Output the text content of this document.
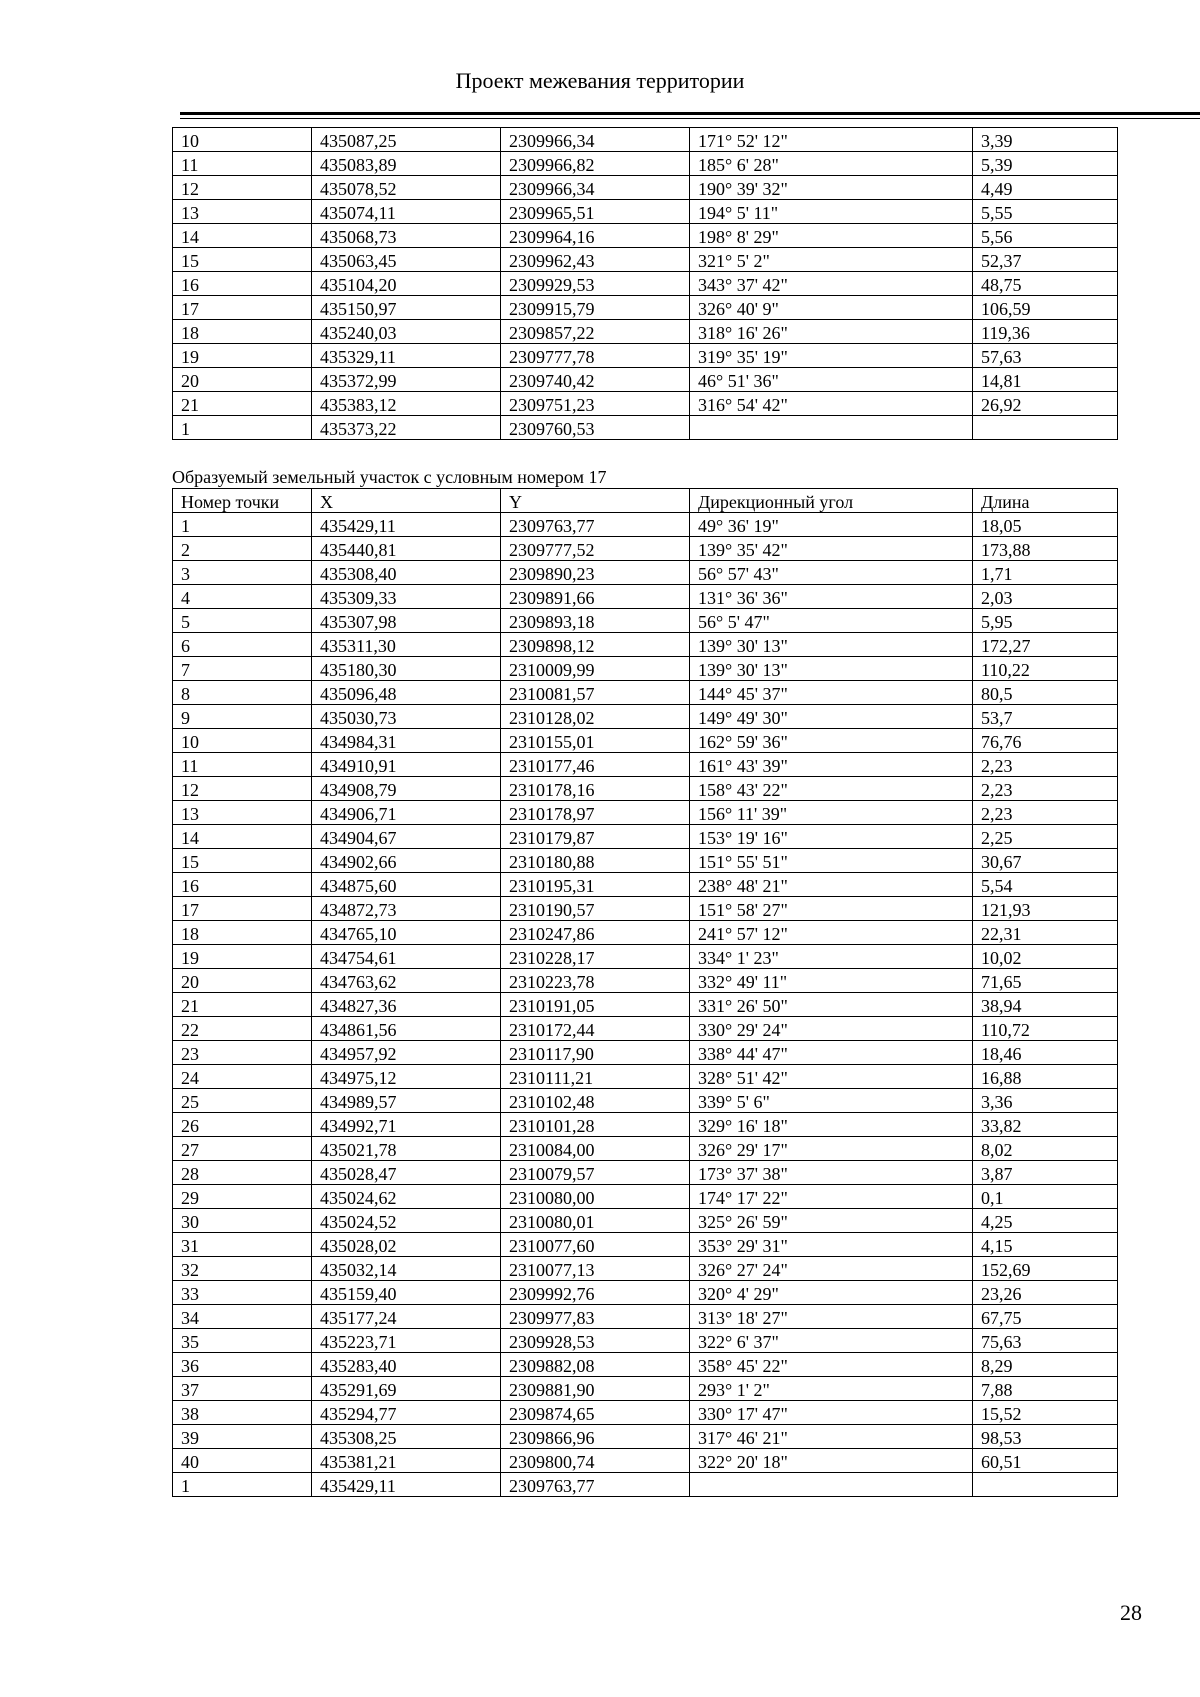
Проект межевания территории
10	435087,25	2309966,34	171° 52' 12"	3,39
11	435083,89	2309966,82	185° 6' 28"	5,39
12	435078,52	2309966,34	190° 39' 32"	4,49
13	435074,11	2309965,51	194° 5' 11"	5,55
14	435068,73	2309964,16	198° 8' 29"	5,56
15	435063,45	2309962,43	321° 5' 2"	52,37
16	435104,20	2309929,53	343° 37' 42"	48,75
17	435150,97	2309915,79	326° 40' 9"	106,59
18	435240,03	2309857,22	318° 16' 26"	119,36
19	435329,11	2309777,78	319° 35' 19"	57,63
20	435372,99	2309740,42	46° 51' 36"	14,81
21	435383,12	2309751,23	316° 54' 42"	26,92
1	435373,22	2309760,53		
Образуемый земельный участок с условным номером 17
Номер точки	X	Y	Дирекционный угол	Длина
1	435429,11	2309763,77	49° 36' 19"	18,05
2	435440,81	2309777,52	139° 35' 42"	173,88
3	435308,40	2309890,23	56° 57' 43"	1,71
4	435309,33	2309891,66	131° 36' 36"	2,03
5	435307,98	2309893,18	56° 5' 47"	5,95
6	435311,30	2309898,12	139° 30' 13"	172,27
7	435180,30	2310009,99	139° 30' 13"	110,22
8	435096,48	2310081,57	144° 45' 37"	80,5
9	435030,73	2310128,02	149° 49' 30"	53,7
10	434984,31	2310155,01	162° 59' 36"	76,76
11	434910,91	2310177,46	161° 43' 39"	2,23
12	434908,79	2310178,16	158° 43' 22"	2,23
13	434906,71	2310178,97	156° 11' 39"	2,23
14	434904,67	2310179,87	153° 19' 16"	2,25
15	434902,66	2310180,88	151° 55' 51"	30,67
16	434875,60	2310195,31	238° 48' 21"	5,54
17	434872,73	2310190,57	151° 58' 27"	121,93
18	434765,10	2310247,86	241° 57' 12"	22,31
19	434754,61	2310228,17	334° 1' 23"	10,02
20	434763,62	2310223,78	332° 49' 11"	71,65
21	434827,36	2310191,05	331° 26' 50"	38,94
22	434861,56	2310172,44	330° 29' 24"	110,72
23	434957,92	2310117,90	338° 44' 47"	18,46
24	434975,12	2310111,21	328° 51' 42"	16,88
25	434989,57	2310102,48	339° 5' 6"	3,36
26	434992,71	2310101,28	329° 16' 18"	33,82
27	435021,78	2310084,00	326° 29' 17"	8,02
28	435028,47	2310079,57	173° 37' 38"	3,87
29	435024,62	2310080,00	174° 17' 22"	0,1
30	435024,52	2310080,01	325° 26' 59"	4,25
31	435028,02	2310077,60	353° 29' 31"	4,15
32	435032,14	2310077,13	326° 27' 24"	152,69
33	435159,40	2309992,76	320° 4' 29"	23,26
34	435177,24	2309977,83	313° 18' 27"	67,75
35	435223,71	2309928,53	322° 6' 37"	75,63
36	435283,40	2309882,08	358° 45' 22"	8,29
37	435291,69	2309881,90	293° 1' 2"	7,88
38	435294,77	2309874,65	330° 17' 47"	15,52
39	435308,25	2309866,96	317° 46' 21"	98,53
40	435381,21	2309800,74	322° 20' 18"	60,51
1	435429,11	2309763,77		
28
